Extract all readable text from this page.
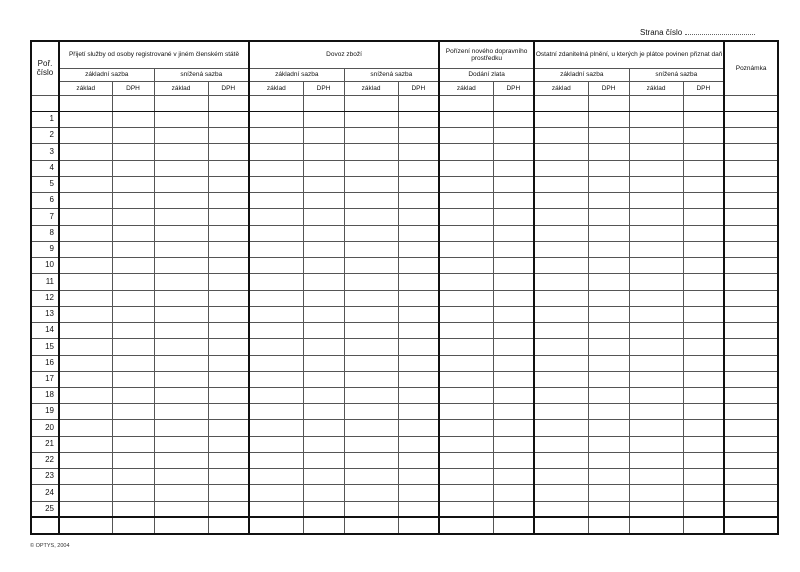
Strana číslo
Poř. číslo	Přijetí služby od osoby registrované v jiném členském státě				Dovoz zboží				Pořízení nového dopravního prostředku		Ostatní zdanitelná plnění, u kterých je plátce povinen přiznat daň				Poznámka
	základní sazba		snížená sazba		základní sazba		snížená sazba		Dodání zlata		základní sazba		snížená sazba		
	základ	DPH	základ	DPH	základ	DPH	základ	DPH	základ	DPH	základ	DPH	základ	DPH	

1															
2															
3															
4															
5															
6															
7															
8															
9															
10															
11															
12															
13															
14															
15															
16															
17															
18															
19															
20															
21															
22															
23															
24															
25															

© OPTYS, 2004
